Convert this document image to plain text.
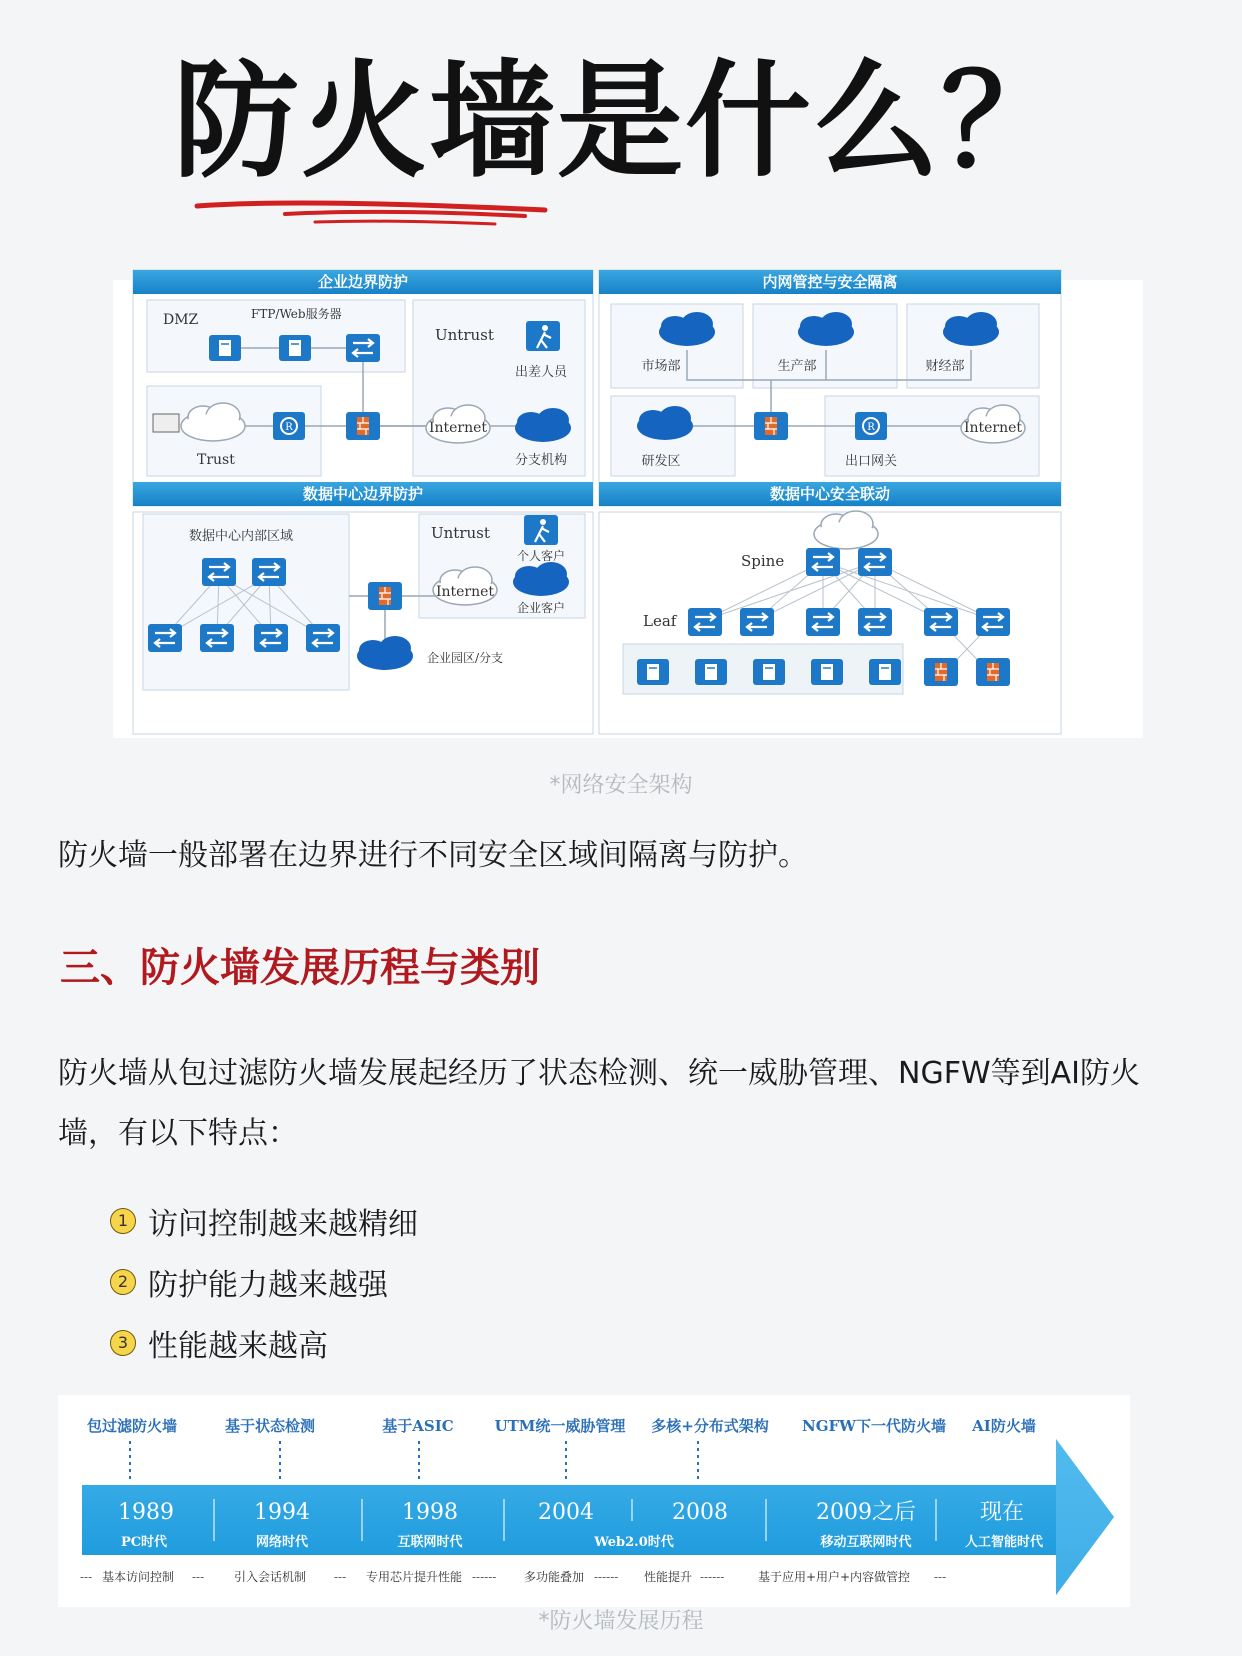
防火墙是什么？
R	企业边界防护
DMZ	FTP/Web服务器
Trust
Untrust
出差人员
Internet
分支机构
内网管控与安全隔离
市场部	生产部	财经部
研发区	出口网关
Internet
数据中心边界防护
数据中心内部区域
企业园区/分支
Untrust
个人客户
Internet
企业客户
数据中心安全联动
Spine
Leaf
*网络安全架构
防火墙一般部署在边界进行不同安全区域间隔离与防护。
三、防火墙发展历程与类别
防火墙从包过滤防火墙发展起经历了状态检测、统一威胁管理、NGFW等到AI防火墙，有以下特点：
1 访问控制越来越精细
2 防护能力越来越强
3 性能越来越高
包过滤防火墙	基于状态检测	基于ASIC	UTM统一威胁管理 多核+分布式架构 NGFW下一代防火墙 AI防火墙
1989	1994	1998	2004	2008	2009之后	现在
PC时代	网络时代	互联网时代	Web2.0时代	移动互联网时代	人工智能时代
基本访问控制	引入会话机制	专用芯片提升性能	多功能叠加	性能提升	基于应用+用户+内容做管控
---	---	---	------	------	------	---
*防火墙发展历程
